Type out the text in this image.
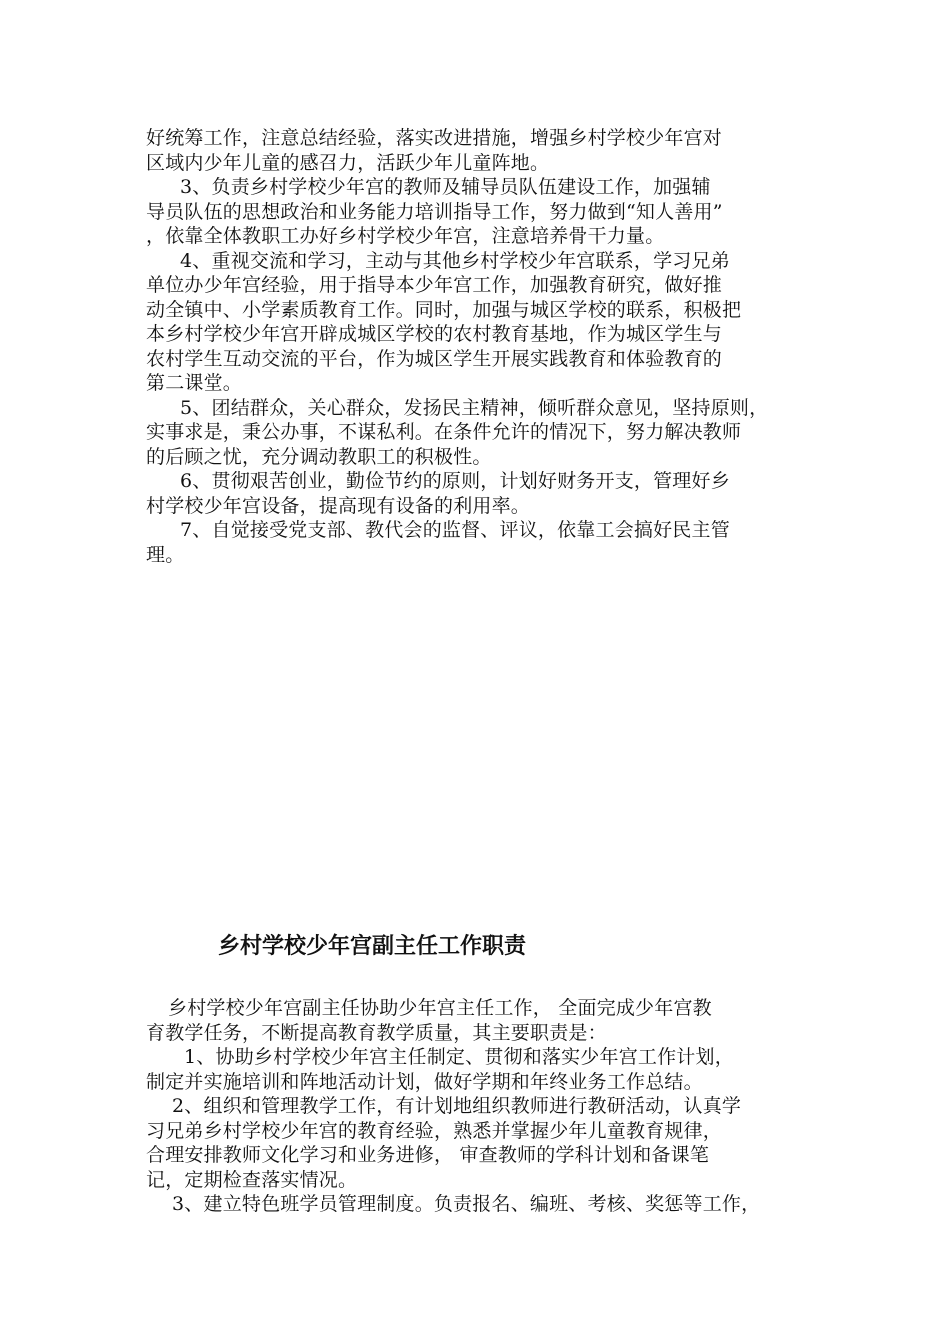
好统筹工作，注意总结经验，落实改进措施，增强乡村学校少年宫对
区域内少年儿童的感召力，活跃少年儿童阵地。
3、负责乡村学校少年宫的教师及辅导员队伍建设工作，加强辅
导员队伍的思想政治和业务能力培训指导工作，努力做到“知人善用”
，依靠全体教职工办好乡村学校少年宫，注意培养骨干力量。
4、重视交流和学习，主动与其他乡村学校少年宫联系，学习兄弟
单位办少年宫经验，用于指导本少年宫工作，加强教育研究，做好推
动全镇中、小学素质教育工作。同时，加强与城区学校的联系，积极把
本乡村学校少年宫开辟成城区学校的农村教育基地，作为城区学生与
农村学生互动交流的平台，作为城区学生开展实践教育和体验教育的
第二课堂。
5、团结群众，关心群众，发扬民主精神，倾听群众意见，坚持原则，
实事求是，秉公办事，不谋私利。在条件允许的情况下，努力解决教师
的后顾之忧，充分调动教职工的积极性。
6、贯彻艰苦创业，勤俭节约的原则，计划好财务开支，管理好乡
村学校少年宫设备，提高现有设备的利用率。
7、自觉接受党支部、教代会的监督、评议，依靠工会搞好民主管
理。
乡村学校少年宫副主任工作职责
乡村学校少年宫副主任协助少年宫主任工作， 全面完成少年宫教
育教学任务，不断提高教育教学质量，其主要职责是：
1、协助乡村学校少年宫主任制定、贯彻和落实少年宫工作计划，
制定并实施培训和阵地活动计划，做好学期和年终业务工作总结。
2、组织和管理教学工作，有计划地组织教师进行教研活动，认真学
习兄弟乡村学校少年宫的教育经验，熟悉并掌握少年儿童教育规律，
合理安排教师文化学习和业务进修， 审查教师的学科计划和备课笔
记，定期检查落实情况。
3、建立特色班学员管理制度。负责报名、编班、考核、奖惩等工作，
